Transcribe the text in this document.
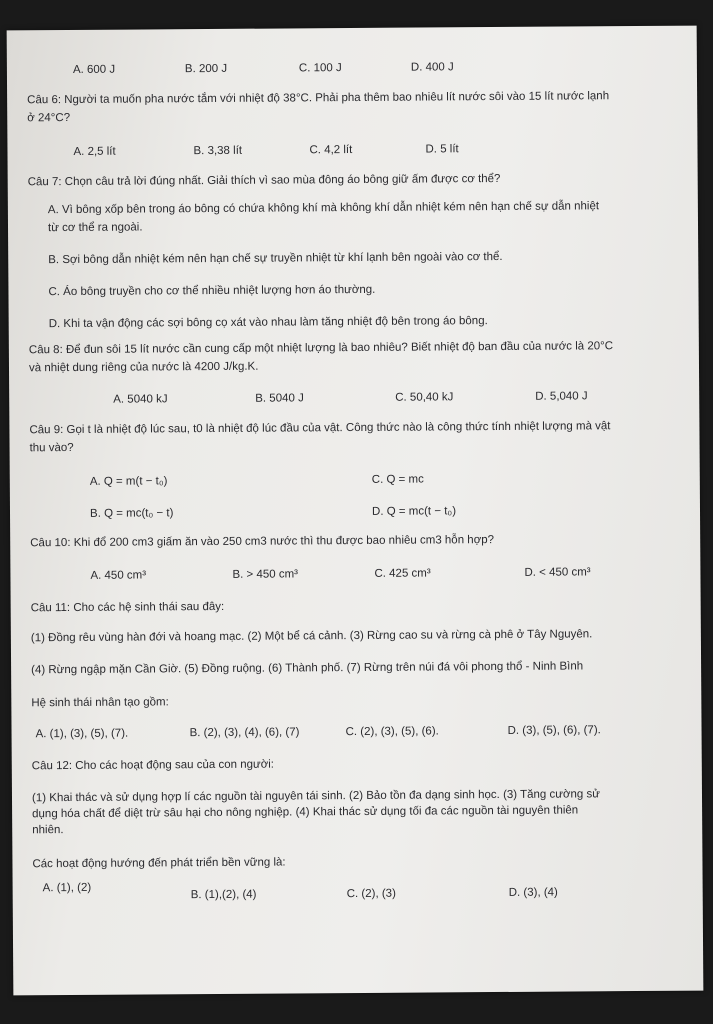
A. 600 J	B. 200 J	C. 100 J	D. 400 J
Câu 6: Người ta muốn pha nước tắm với nhiệt độ 38°C. Phải pha thêm bao nhiêu lít nước sôi vào 15 lít nước lạnh
ở 24°C?
A. 2,5 lít	B. 3,38 lít	C. 4,2 lít	D. 5 lít
Câu 7: Chọn câu trả lời đúng nhất. Giải thích vì sao mùa đông áo bông giữ ấm được cơ thể?
A. Vì bông xốp bên trong áo bông có chứa không khí mà không khí dẫn nhiệt kém nên hạn chế sự dẫn nhiệt
từ cơ thể ra ngoài.
B. Sợi bông dẫn nhiệt kém nên hạn chế sự truyền nhiệt từ khí lạnh bên ngoài vào cơ thể.
C. Áo bông truyền cho cơ thể nhiều nhiệt lượng hơn áo thường.
D. Khi ta vận động các sợi bông cọ xát vào nhau làm tăng nhiệt độ bên trong áo bông.
Câu 8: Để đun sôi 15 lít nước cần cung cấp một nhiệt lượng là bao nhiêu? Biết nhiệt độ ban đầu của nước là 20°C
và nhiệt dung riêng của nước là 4200 J/kg.K.
A. 5040 kJ	B. 5040 J	C. 50,40 kJ	D. 5,040 J
Câu 9: Gọi t là nhiệt độ lúc sau, t0 là nhiệt độ lúc đầu của vật. Công thức nào là công thức tính nhiệt lượng mà vật
thu vào?
A. Q = m(t − t₀)	C. Q = mc
B. Q = mc(t₀ − t)	D. Q = mc(t − t₀)
Câu 10: Khi đổ 200 cm3 giấm ăn vào 250 cm3 nước thì thu được bao nhiêu cm3 hỗn hợp?
A. 450 cm³	B. > 450 cm³	C. 425 cm³	D. < 450 cm³
Câu 11: Cho các hệ sinh thái sau đây:
(1) Đồng rêu vùng hàn đới và hoang mạc. (2) Một bể cá cảnh. (3) Rừng cao su và rừng cà phê ở Tây Nguyên.
(4) Rừng ngập mặn Cần Giờ. (5) Đồng ruộng. (6) Thành phố. (7) Rừng trên núi đá vôi phong thổ - Ninh Bình
Hệ sinh thái nhân tạo gồm:
A. (1), (3), (5), (7).	B. (2), (3), (4), (6), (7)	C. (2), (3), (5), (6).	D. (3), (5), (6), (7).
Câu 12: Cho các hoạt động sau của con người:
(1) Khai thác và sử dụng hợp lí các nguồn tài nguyên tái sinh. (2) Bảo tồn đa dạng sinh học. (3) Tăng cường sử
dụng hóa chất để diệt trừ sâu hại cho nông nghiệp. (4) Khai thác sử dụng tối đa các nguồn tài nguyên thiên
nhiên.
Các hoạt động hướng đến phát triển bền vững là:
A. (1), (2)
B. (1),(2), (4)	C. (2), (3)	D. (3), (4)
